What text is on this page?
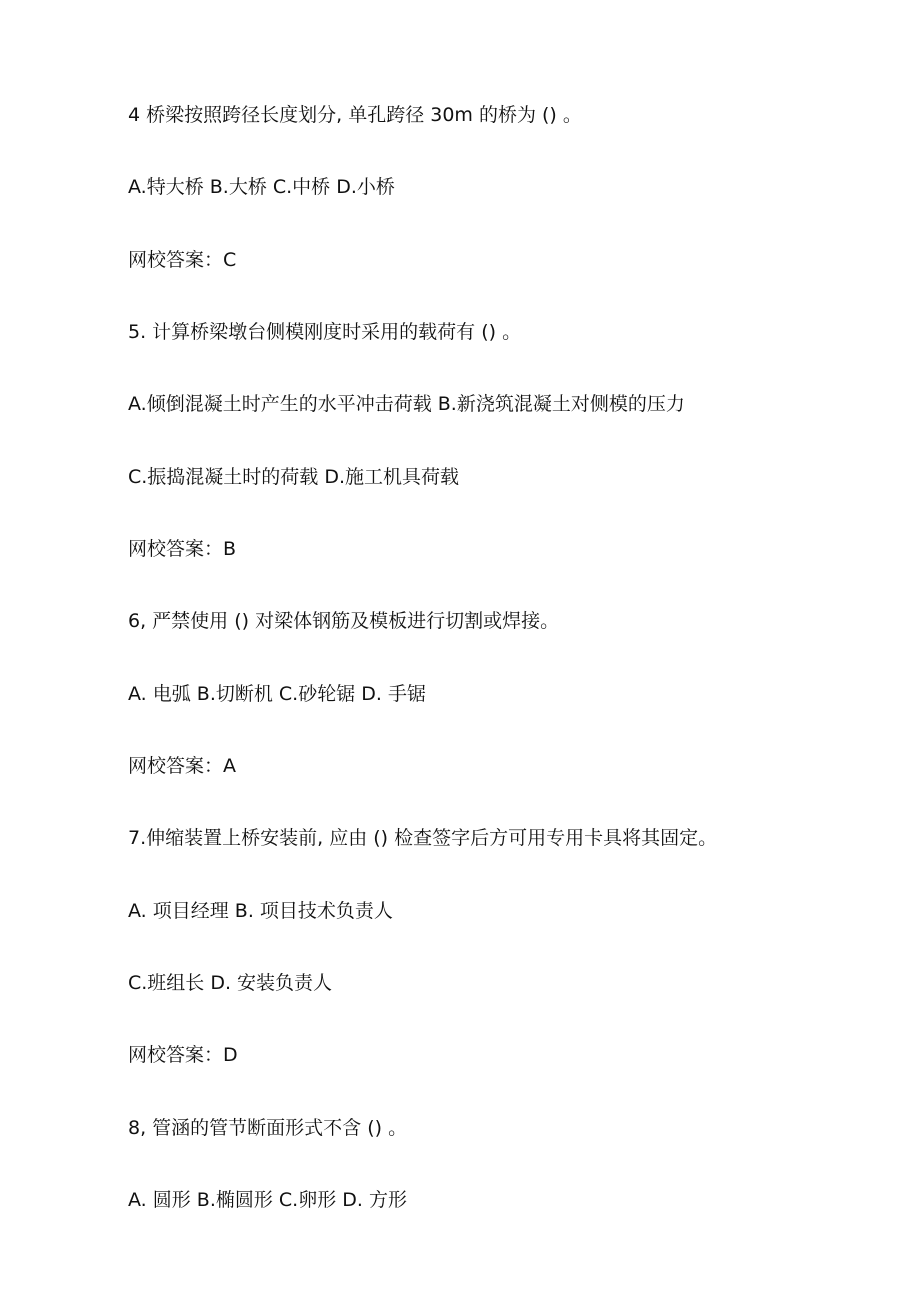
4 桥梁按照跨径长度划分, 单孔跨径 30m 的桥为 () 。
A.特大桥 B.大桥 C.中桥 D.小桥
网校答案：C
5. 计算桥梁墩台侧模刚度时采用的载荷有 () 。
A.倾倒混凝土时产生的水平冲击荷载 B.新浇筑混凝土对侧模的压力
C.振捣混凝土时的荷载 D.施工机具荷载
网校答案：B
6, 严禁使用 () 对梁体钢筋及模板进行切割或焊接。
A. 电弧 B.切断机 C.砂轮锯 D. 手锯
网校答案：A
7.伸缩装置上桥安装前, 应由 () 检查签字后方可用专用卡具将其固定。
A. 项目经理 B. 项目技术负责人
C.班组长 D. 安装负责人
网校答案：D
8, 管涵的管节断面形式不含 () 。
A. 圆形 B.椭圆形 C.卵形 D. 方形
